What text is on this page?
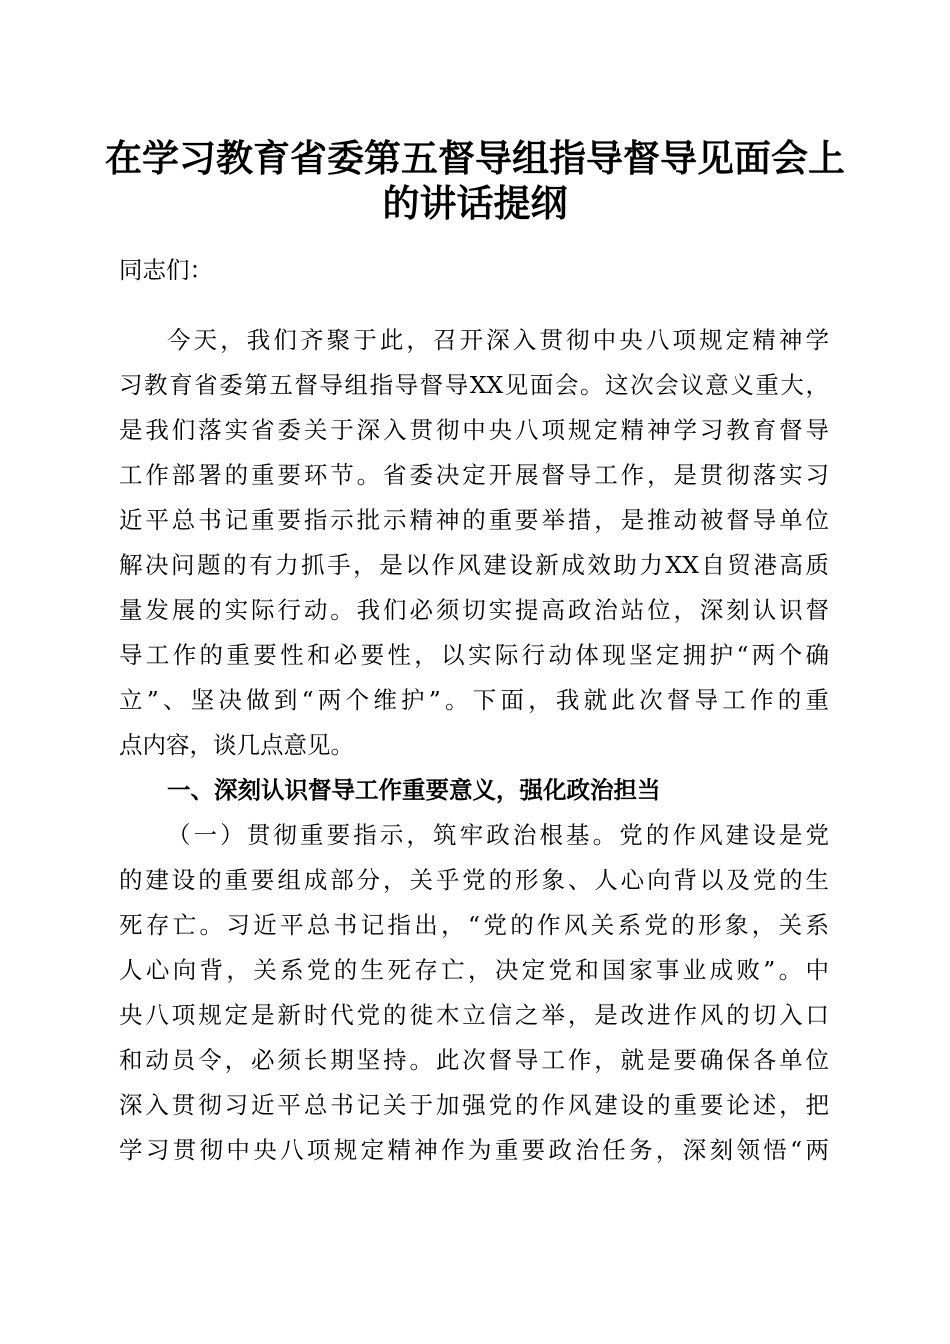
在学习教育省委第五督导组指导督导见面会上
的讲话提纲
同志们：
今天，我们齐聚于此，召开深入贯彻中央八项规定精神学
习教育省委第五督导组指导督导XX见面会。这次会议意义重大，
是我们落实省委关于深入贯彻中央八项规定精神学习教育督导
工作部署的重要环节。省委决定开展督导工作，是贯彻落实习
近平总书记重要指示批示精神的重要举措，是推动被督导单位
解决问题的有力抓手，是以作风建设新成效助力XX自贸港高质
量发展的实际行动。我们必须切实提高政治站位，深刻认识督
导工作的重要性和必要性，以实际行动体现坚定拥护“两个确
立”、坚决做到“两个维护”。下面，我就此次督导工作的重
点内容，谈几点意见。
一、深刻认识督导工作重要意义，强化政治担当
（一）贯彻重要指示，筑牢政治根基。党的作风建设是党
的建设的重要组成部分，关乎党的形象、人心向背以及党的生
死存亡。习近平总书记指出，“党的作风关系党的形象，关系
人心向背，关系党的生死存亡，决定党和国家事业成败”。中
央八项规定是新时代党的徙木立信之举，是改进作风的切入口
和动员令，必须长期坚持。此次督导工作，就是要确保各单位
深入贯彻习近平总书记关于加强党的作风建设的重要论述，把
学习贯彻中央八项规定精神作为重要政治任务，深刻领悟“两
